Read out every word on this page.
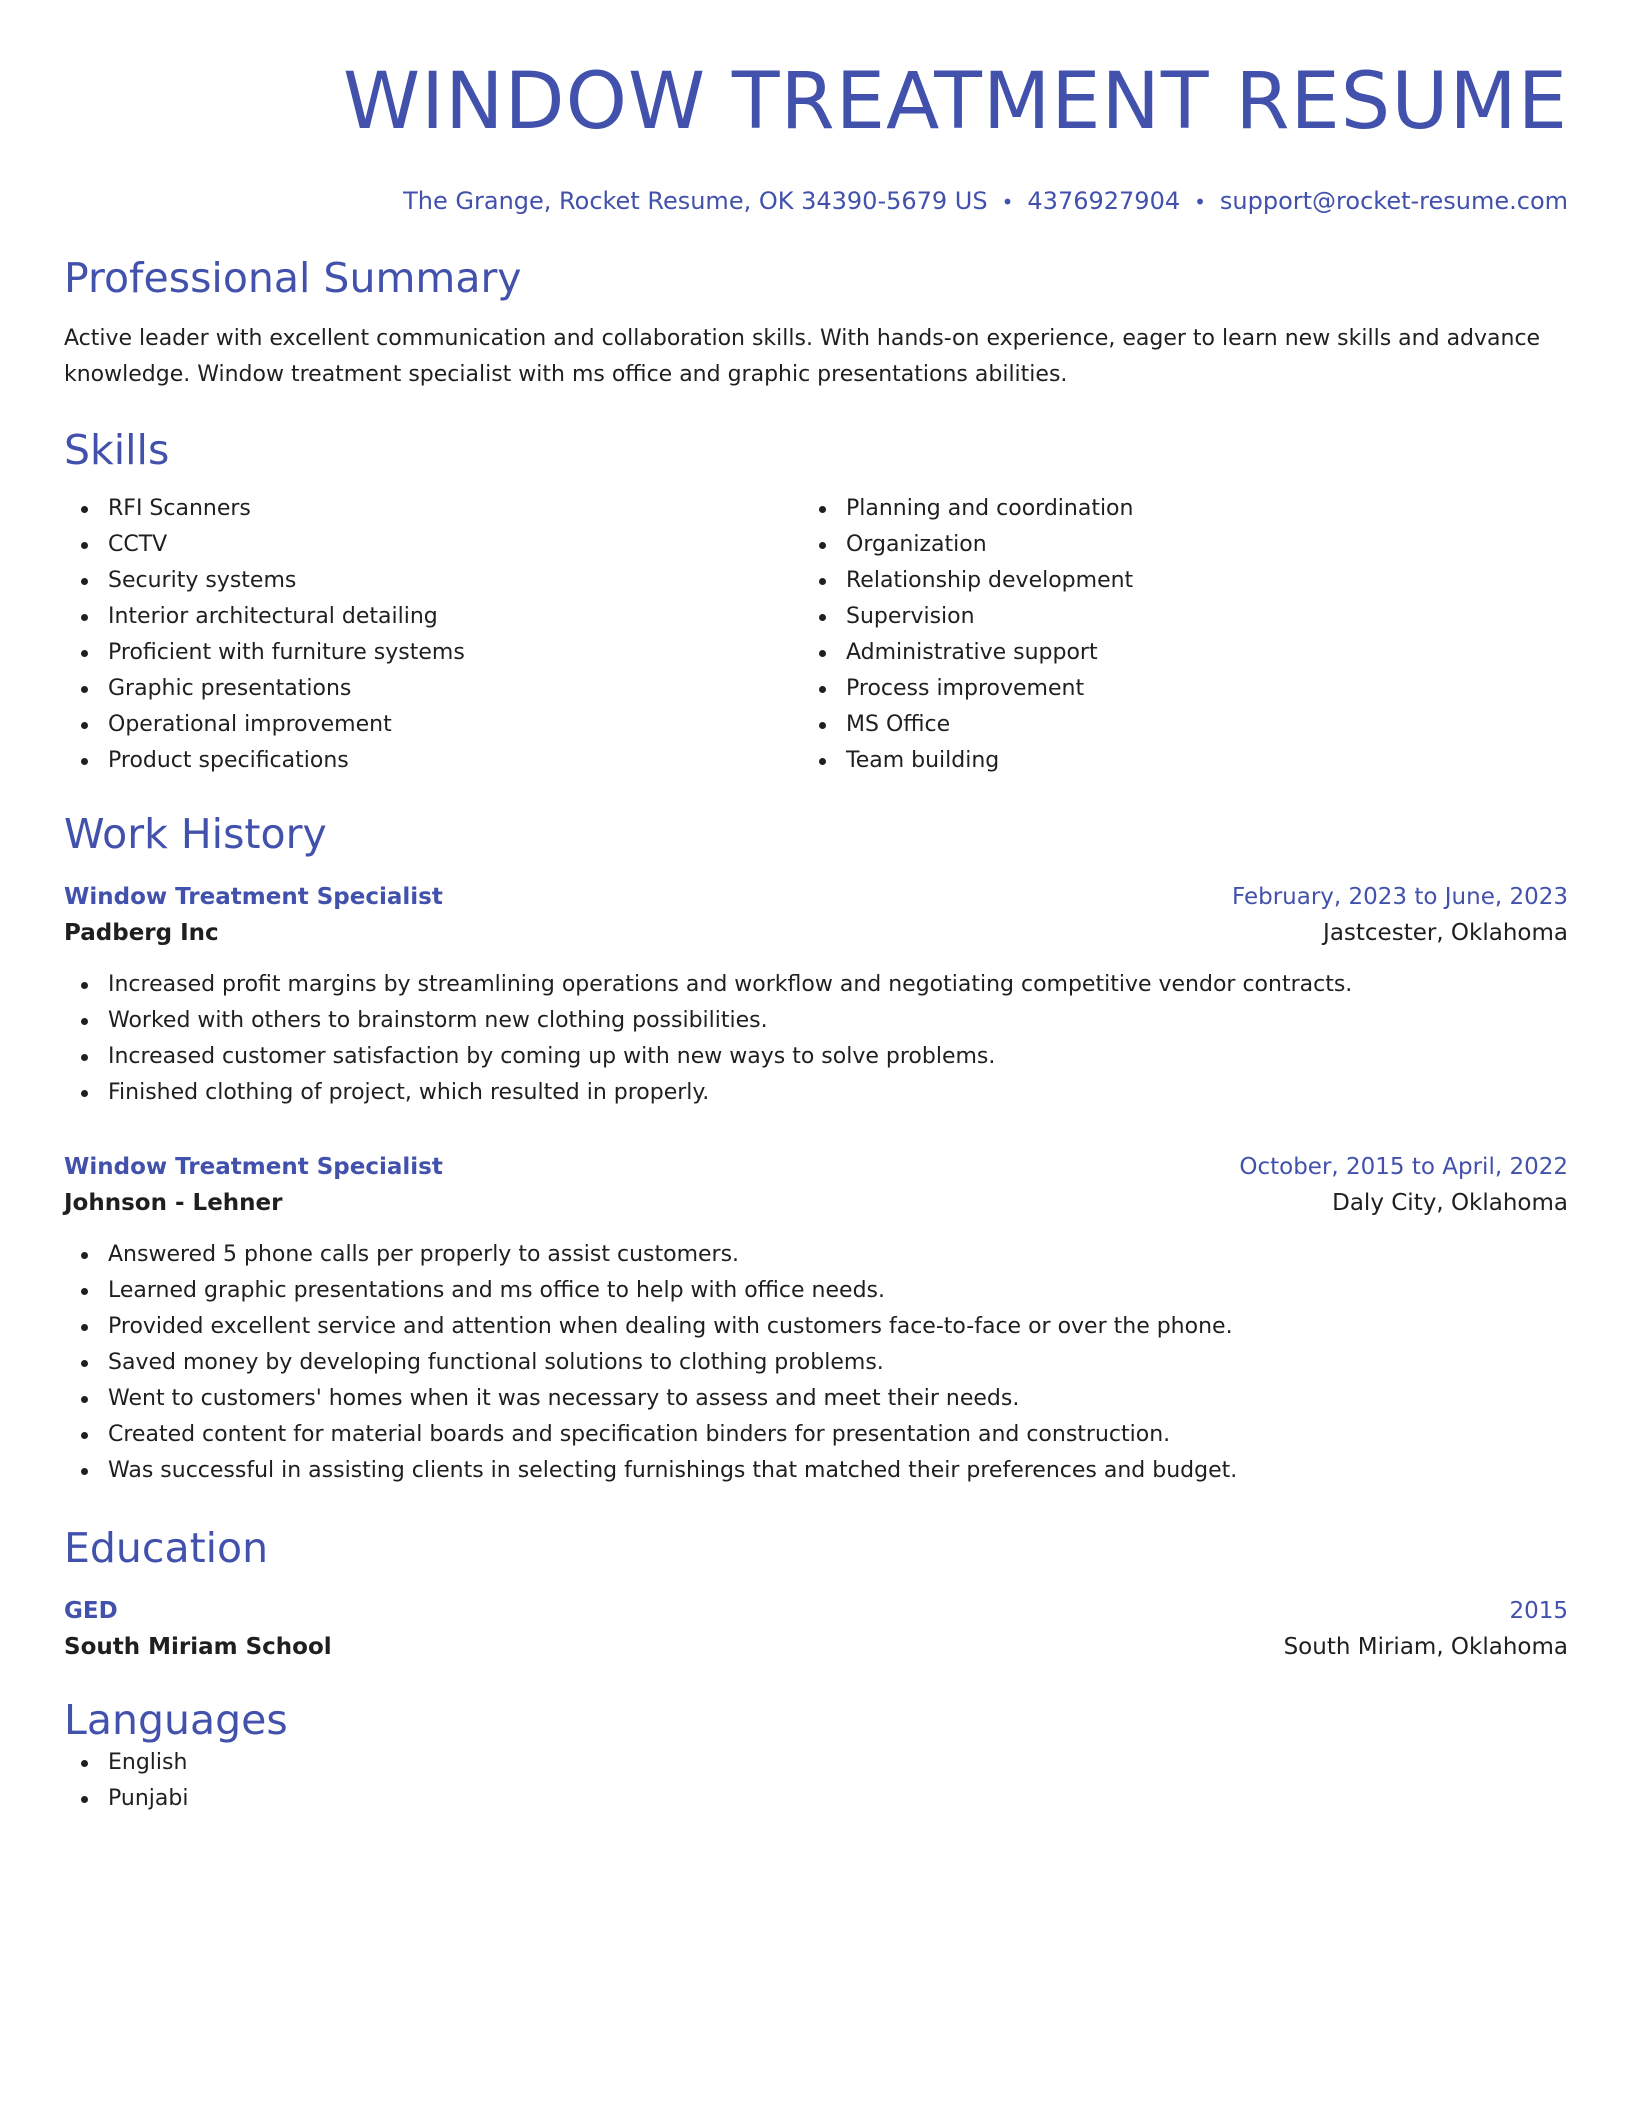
WINDOW TREATMENT RESUME
The Grange, Rocket Resume, OK 34390-5679 US • 4376927904 • support@rocket-resume.com
Professional Summary

Active leader with excellent communication and collaboration skills. With hands-on experience, eager to learn new skills and advance knowledge. Window treatment specialist with ms office and graphic presentations abilities.

Skills
RFI Scanners
CCTV
Security systems
Interior architectural detailing
Proficient with furniture systems
Graphic presentations
Operational improvement
Product specifications
Planning and coordination
Organization
Relationship development
Supervision
Administrative support
Process improvement
MS Office
Team building
Work History
Window Treatment Specialist	February, 2023 to June, 2023
Padberg Inc	Jastcester, Oklahoma
Increased profit margins by streamlining operations and workflow and negotiating competitive vendor contracts.
Worked with others to brainstorm new clothing possibilities.
Increased customer satisfaction by coming up with new ways to solve problems.
Finished clothing of project, which resulted in properly.
Window Treatment Specialist	October, 2015 to April, 2022
Johnson - Lehner	Daly City, Oklahoma
Answered 5 phone calls per properly to assist customers.
Learned graphic presentations and ms office to help with office needs.
Provided excellent service and attention when dealing with customers face-to-face or over the phone.
Saved money by developing functional solutions to clothing problems.
Went to customers' homes when it was necessary to assess and meet their needs.
Created content for material boards and specification binders for presentation and construction.
Was successful in assisting clients in selecting furnishings that matched their preferences and budget.
Education
GED	2015
South Miriam School	South Miriam, Oklahoma
Languages
English
Punjabi
